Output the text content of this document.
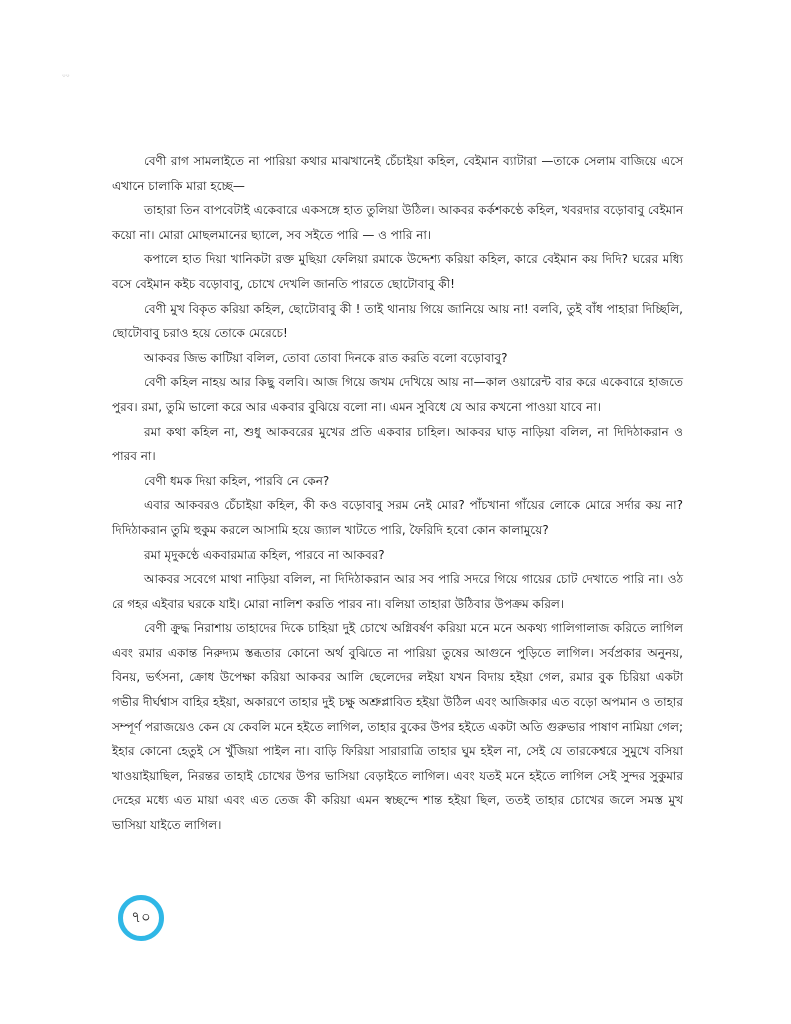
০০

বেণী রাগ সামলাইতে না পারিয়া কথার মাঝখানেই চেঁচাইয়া কহিল, বেইমান ব্যাটারা —তাকে সেলাম বাজিয়ে এসে এখানে চালাকি মারা হচ্ছে—

তাহারা তিন বাপবেটাই একেবারে একসঙ্গে হাত তুলিয়া উঠিল। আকবর কর্কশকণ্ঠে কহিল, খবরদার বড়োবাবু বেইমান কয়ো না। মোরা মোছলমানের ছ্যালে, সব সইতে পারি — ও পারি না।

কপালে হাত দিয়া খানিকটা রক্ত মুছিয়া ফেলিয়া রমাকে উদ্দেশ্য করিয়া কহিল, কারে বেইমান কয় দিদি? ঘরের মধ্যি বসে বেইমান কইচ বড়োবাবু, চোখে দেখলি জানতি পারতে ছোটোবাবু কী!

বেণী মুখ বিকৃত করিয়া কহিল, ছোটোবাবু কী ! তাই থানায় গিয়ে জানিয়ে আয় না! বলবি, তুই বাঁধ পাহারা দিচ্ছিলি, ছোটোবাবু চরাও হয়ে তোকে মেরেচে!

আকবর জিভ কাটিয়া বলিল, তোবা তোবা দিনকে রাত করতি বলো বড়োবাবু?

বেণী কহিল নাহয় আর কিছু বলবি। আজ গিয়ে জখম দেখিয়ে আয় না—কাল ওয়ারেন্ট বার করে একেবারে হাজতে পুরব। রমা, তুমি ভালো করে আর একবার বুঝিয়ে বলো না। এমন সুবিধে যে আর কখনো পাওয়া যাবে না।

রমা কথা কহিল না, শুধু আকবরের মুখের প্রতি একবার চাহিল। আকবর ঘাড় নাড়িয়া বলিল, না দিদিঠাকরান ও পারব না।

বেণী ধমক দিয়া কহিল, পারবি নে কেন?

এবার আকবরও চেঁচাইয়া কহিল, কী কও বড়োবাবু সরম নেই মোর? পাঁচখানা গাঁয়ের লোকে মোরে সর্দার কয় না? দিদিঠাকরান তুমি হুকুম করলে আসামি হয়ে জ্যাল খাটতে পারি, ফৈরিদি হবো কোন কালামুয়ে?

রমা মৃদুকণ্ঠে একবারমাত্র কহিল, পারবে না আকবর?

আকবর সবেগে মাথা নাড়িয়া বলিল, না দিদিঠাকরান আর সব পারি সদরে গিয়ে গায়ের চোট দেখাতে পারি না। ওঠ রে গহর এইবার ঘরকে যাই। মোরা নালিশ করতি পারব না। বলিয়া তাহারা উঠিবার উপক্রম করিল।

বেণী ক্রুদ্ধ নিরাশায় তাহাদের দিকে চাহিয়া দুই চোখে অগ্নিবর্ষণ করিয়া মনে মনে অকথ্য গালিগালাজ করিতে লাগিল এবং রমার একান্ত নিরুদ্যম স্তব্ধতার কোনো অর্থ বুঝিতে না পারিয়া তুষের আগুনে পুড়িতে লাগিল। সর্বপ্রকার অনুনয়, বিনয়, ভর্ৎসনা, ক্রোধ উপেক্ষা করিয়া আকবর আলি ছেলেদের লইয়া যখন বিদায় হইয়া গেল, রমার বুক চিরিয়া একটা গভীর দীর্ঘশ্বাস বাহির হইয়া, অকারণে তাহার দুই চক্ষু অশ্রুপ্লাবিত হইয়া উঠিল এবং আজিকার এত বড়ো অপমান ও তাহার সম্পূর্ণ পরাজয়েও কেন যে কেবলি মনে হইতে লাগিল, তাহার বুকের উপর হইতে একটা অতি গুরুভার পাষাণ নামিয়া গেল; ইহার কোনো হেতুই সে খুঁজিয়া পাইল না। বাড়ি ফিরিয়া সারারাত্রি তাহার ঘুম হইল না, সেই যে তারকেশ্বরে সুমুখে বসিয়া খাওয়াইয়াছিল, নিরন্তর তাহাই চোখের উপর ভাসিয়া বেড়াইতে লাগিল। এবং যতই মনে হইতে লাগিল সেই সুন্দর সুকুমার দেহের মধ্যে এত মায়া এবং এত তেজ কী করিয়া এমন স্বচ্ছন্দে শান্ত হইয়া ছিল, ততই তাহার চোখের জলে সমস্ত মুখ ভাসিয়া যাইতে লাগিল।

৭০
